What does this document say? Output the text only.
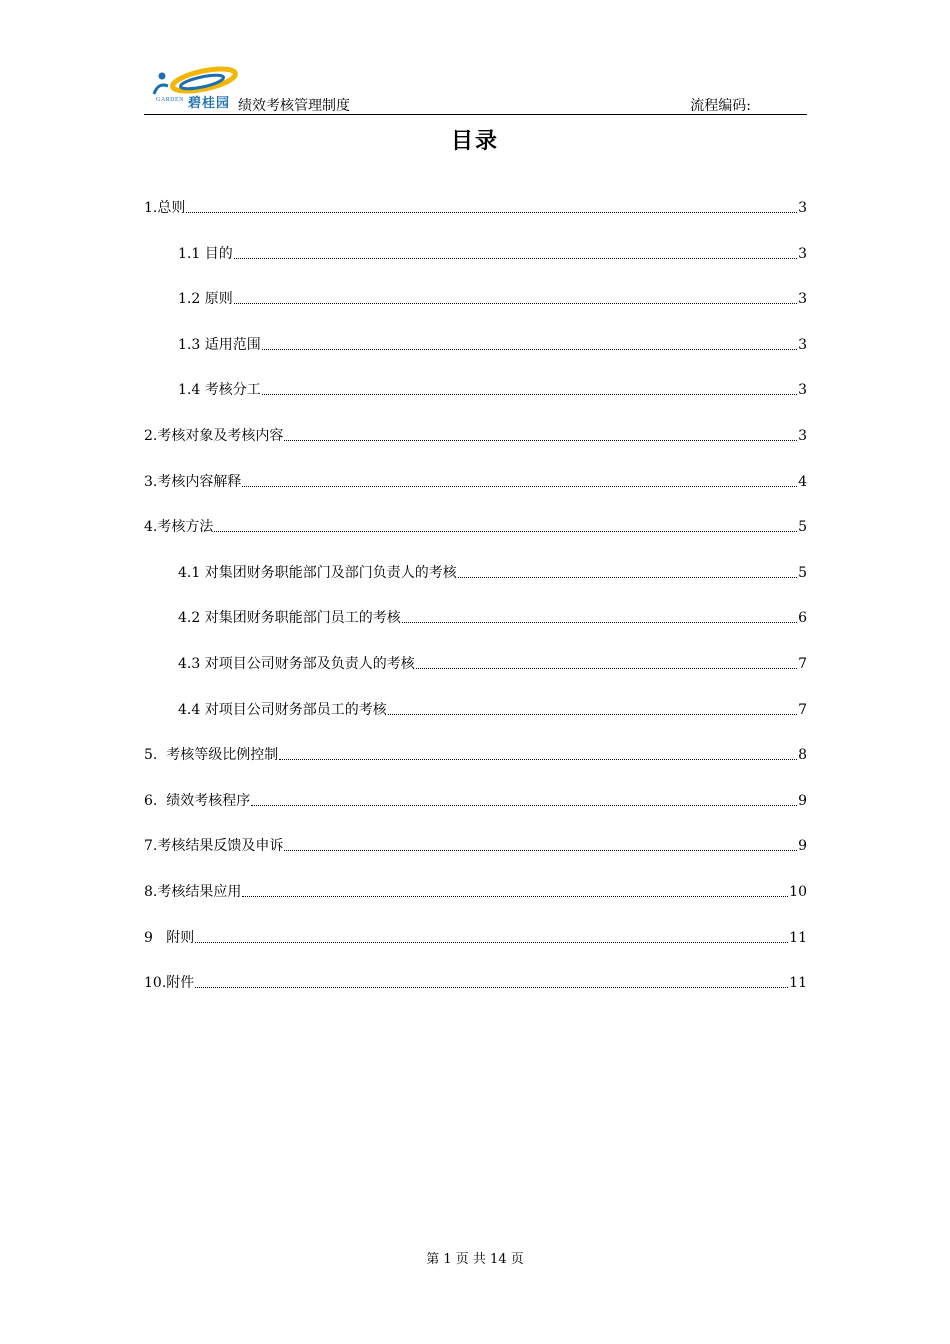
GARDEN 碧桂园 绩效考核管理制度	流程编码:
目录
1.总则	3
1.1 目的	3
1.2 原则	3
1.3 适用范围	3
1.4 考核分工	3
2.考核对象及考核内容	3
3.考核内容解释	4
4.考核方法	5
4.1 对集团财务职能部门及部门负责人的考核	5
4.2 对集团财务职能部门员工的考核	6
4.3 对项目公司财务部及负责人的考核	7
4.4 对项目公司财务部员工的考核	7
5.  考核等级比例控制	8
6.  绩效考核程序	9
7.考核结果反馈及申诉	9
8.考核结果应用	10
9   附则	11
10.附件	11
第 1 页 共 14 页
